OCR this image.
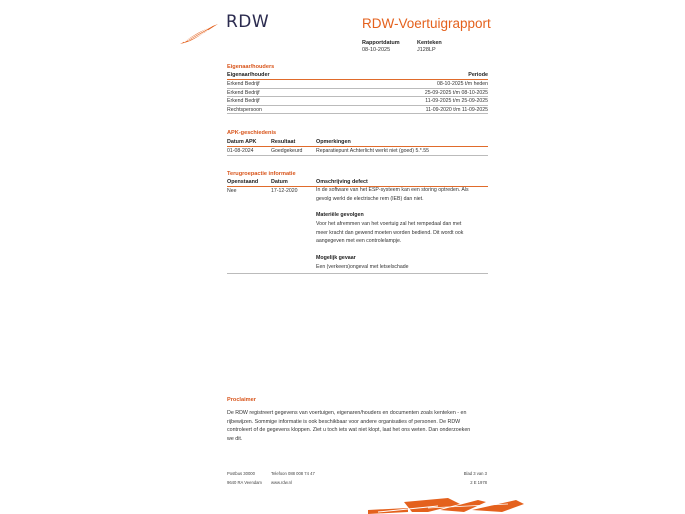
RDW	RDW-Voertuigrapport
Rapportdatum
08-10-2025
Kenteken
J128LP
Eigenaar/houders
Eigenaar/houder	Periode
Erkend Bedrijf	08-10-2025 t/m heden
Erkend Bedrijf	25-09-2025 t/m 08-10-2025
Erkend Bedrijf	11-09-2025 t/m 25-09-2025
Rechtspersoon	11-09-2020 t/m 11-09-2025
APK-geschiedenis
Datum APK	Resultaat	Opmerkingen
01-08-2024	Goedgekeurd	Reparatiepunt Achterlicht werkt niet (goed) 5.*.55
Terugroepactie informatie
Openstaand Datum	Omschrijving defect
Nee	17-12-2020	In de software van het ESP-systeem kan een storing optreden. Als
gevolg werkt de electrische rem (IEB) dan niet.
Materiële gevolgen
Voor het afremmen van het voertuig zal het rempedaal dan met
meer kracht dan gewend moeten worden bediend. Dit wordt ook
aangegeven met een controlelampje.
Mogelijk gevaar
Een (verkeers)ongeval met letselschade
Proclaimer
De RDW registreert gegevens van voertuigen, eigenaren/houders en documenten zoals kenteken - en
rijbewijzen. Sommige informatie is ook beschikbaar voor andere organisaties of personen. De RDW
controleert of de gegevens kloppen. Ziet u toch iets wat niet klopt, laat het ons weten. Dan onderzoeken
we dit.
Postbus 30000
9640 RA Veendam
Telefoon 088 008 74 47
www.rdw.nl
Blad 3 van 3
2 E 1978
